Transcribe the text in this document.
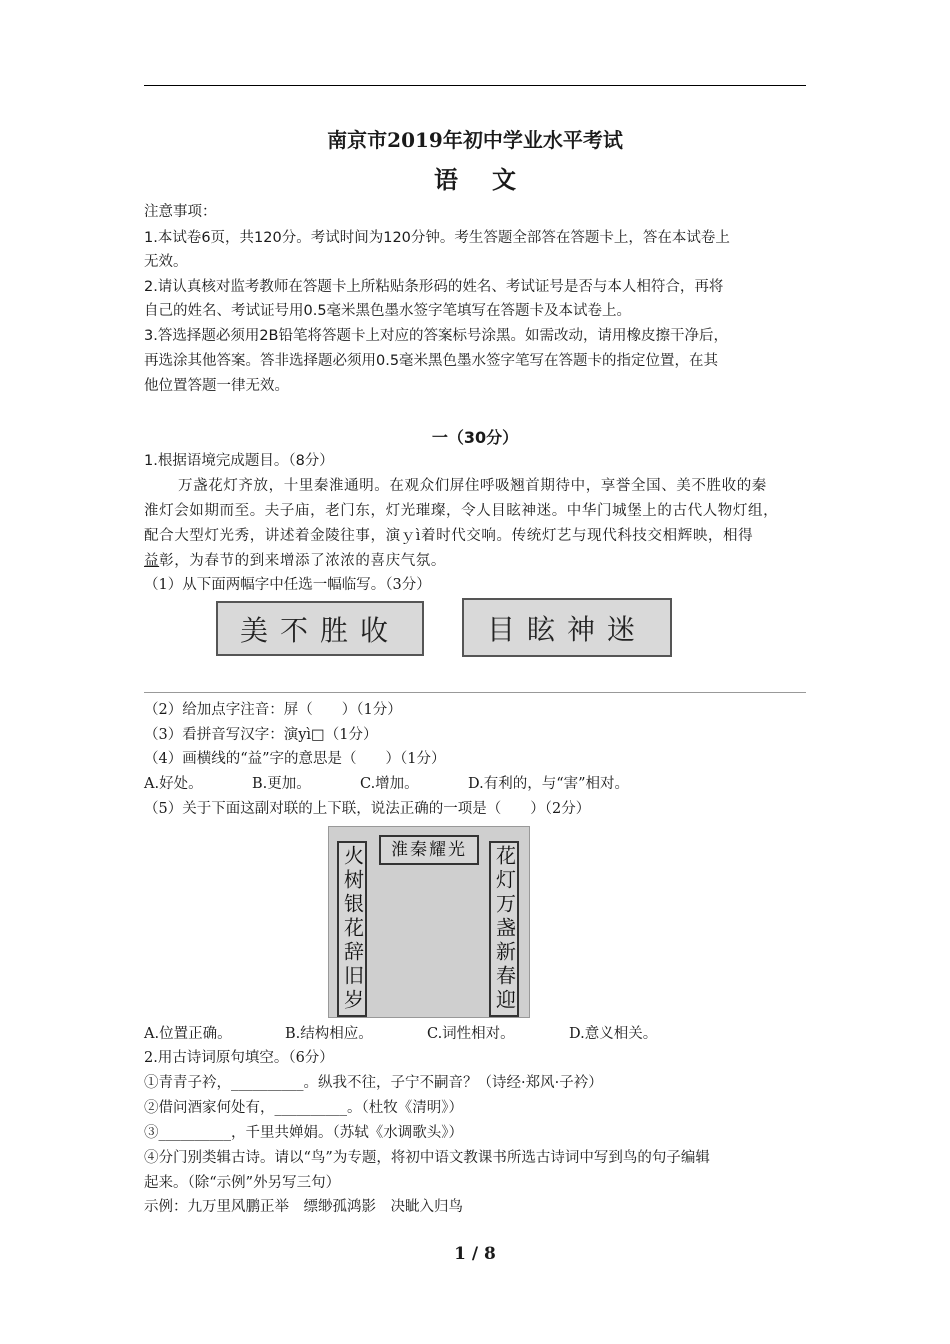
南京市2019年初中学业水平考试
语文
注意事项：
1.本试卷6页，共120分。考试时间为120分钟。考生答题全部答在答题卡上，答在本试卷上
无效。
2.请认真核对监考教师在答题卡上所粘贴条形码的姓名、考试证号是否与本人相符合，再将
自己的姓名、考试证号用0.5毫米黑色墨水签字笔填写在答题卡及本试卷上。
3.答选择题必须用2B铅笔将答题卡上对应的答案标号涂黑。如需改动，请用橡皮擦干净后，
再选涂其他答案。答非选择题必须用0.5毫米黑色墨水签字笔写在答题卡的指定位置，在其
他位置答题一律无效。
一（30分）
1.根据语境完成题目。（8分）
万盏花灯齐放，十里秦淮通明。在观众们屏住呼吸翘首期待中，享誉全国、美不胜收的秦
淮灯会如期而至。夫子庙，老门东，灯光璀璨，令人目眩神迷。中华门城堡上的古代人物灯组，
配合大型灯光秀，讲述着金陵往事，演ｙì着时代交响。传统灯艺与现代科技交相辉映，相得
益彰，为春节的到来增添了浓浓的喜庆气氛。
（1）从下面两幅字中任选一幅临写。（3分）
美不胜收	目眩神迷
（2）给加点字注音：屏（　　）（1分）
（3）看拼音写汉字：演yì□（1分）
（4）画横线的“益”字的意思是（　　）（1分）
A.好处。	B.更加。	C.增加。	D.有利的，与“害”相对。
（5）关于下面这副对联的上下联，说法正确的一项是（　　）（2分）
淮秦耀光
火树银花辞旧岁	花灯万盏新春迎
A.位置正确。	B.结构相应。	C.词性相对。	D.意义相关。
2.用古诗词原句填空。（6分）
①青青子衿，__________。纵我不往，子宁不嗣音？（诗经·郑风·子衿）
②借问酒家何处有，__________。（杜牧《清明》）
③__________，千里共婵娟。（苏轼《水调歌头》）
④分门别类辑古诗。请以“鸟”为专题，将初中语文教课书所选古诗词中写到鸟的句子编辑
起来。（除“示例”外另写三句）
示例：九万里风鹏正举　缥缈孤鸿影　决眦入归鸟
1 / 8
